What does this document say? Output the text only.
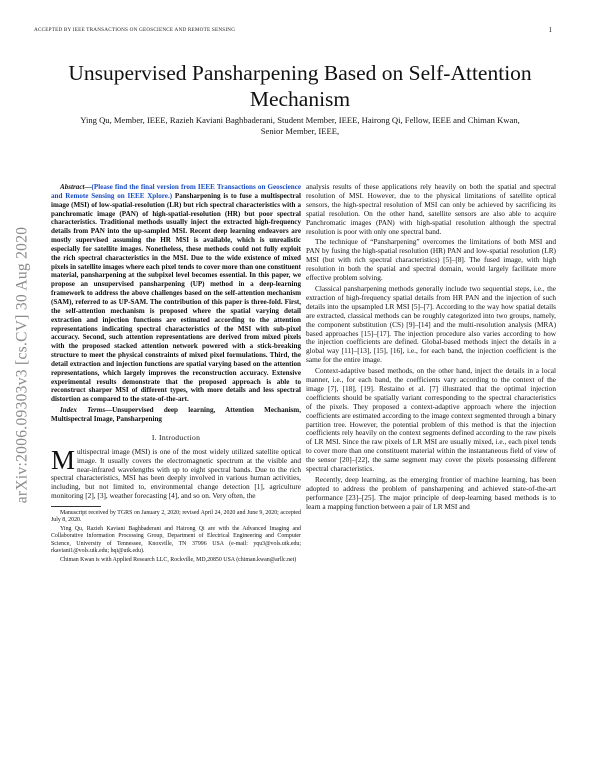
ACCEPTED BY IEEE TRANSACTIONS ON GEOSCIENCE AND REMOTE SENSING	1
arXiv:2006.09303v3 [cs.CV] 30 Aug 2020
Unsupervised Pansharpening Based on Self-Attention Mechanism
Ying Qu, Member, IEEE, Razieh Kaviani Baghbaderani, Student Member, IEEE, Hairong Qi, Fellow, IEEE and Chiman Kwan, Senior Member, IEEE,

Abstract—(Please find the final version from IEEE Transactions on Geoscience and Remote Sensing on IEEE Xplore.) Pansharpening is to fuse a multispectral image (MSI) of low-spatial-resolution (LR) but rich spectral characteristics with a panchromatic image (PAN) of high-spatial-resolution (HR) but poor spectral characteristics. Traditional methods usually inject the extracted high-frequency details from PAN into the up-sampled MSI. Recent deep learning endeavors are mostly supervised assuming the HR MSI is available, which is unrealistic especially for satellite images. Nonetheless, these methods could not fully exploit the rich spectral characteristics in the MSI. Due to the wide existence of mixed pixels in satellite images where each pixel tends to cover more than one constituent material, pansharpening at the subpixel level becomes essential. In this paper, we propose an unsupervised pansharpening (UP) method in a deep-learning framework to address the above challenges based on the self-attention mechanism (SAM), referred to as UP-SAM. The contribution of this paper is three-fold. First, the self-attention mechanism is proposed where the spatial varying detail extraction and injection functions are estimated according to the attention representations indicating spectral characteristics of the MSI with sub-pixel accuracy. Second, such attention representations are derived from mixed pixels with the proposed stacked attention network powered with a stick-breaking structure to meet the physical constraints of mixed pixel formulations. Third, the detail extraction and injection functions are spatial varying based on the attention representations, which largely improves the reconstruction accuracy. Extensive experimental results demonstrate that the proposed approach is able to reconstruct sharper MSI of different types, with more details and less spectral distortion as compared to the state-of-the-art.

Index Terms—Unsupervised deep learning, Attention Mechanism, Multispectral Image, Pansharpening

I. Introduction

Multispectral image (MSI) is one of the most widely utilized satellite optical image. It usually covers the electromagnetic spectrum at the visible and near-infrared wavelengths with up to eight spectral bands. Due to the rich spectral characteristics, MSI has been deeply involved in various human activities, including, but not limited to, environmental change detection [1], agriculture monitoring [2], [3], weather forecasting [4], and so on. Very often, the

Manuscript received by TGRS on January 2, 2020; revised April 24, 2020 and June 9, 2020; accepted July 8, 2020.

Ying Qu, Razieh Kaviani Baghbaderani and Hairong Qi are with the Advanced Imaging and Collaborative Information Processing Group, Department of Electrical Engineering and Computer Science, University of Tennessee, Knoxville, TN 37996 USA (e-mail: yqu3@vols.utk.edu; rkaviani1@vols.utk.edu; hqi@utk.edu).

Chiman Kwan is with Applied Research LLC, Rockville, MD,20850 USA (chiman.kwan@arllc.net)

analysis results of these applications rely heavily on both the spatial and spectral resolution of MSI. However, due to the physical limitations of satellite optical sensors, the high-spectral resolution of MSI can only be achieved by sacrificing its spatial resolution. On the other hand, satellite sensors are also able to acquire Panchromatic images (PAN) with high-spatial resolution although the spectral resolution is poor with only one spectral band.

The technique of “Pansharpening” overcomes the limitations of both MSI and PAN by fusing the high-spatial resolution (HR) PAN and low-spatial resolution (LR) MSI (but with rich spectral characteristics) [5]–[8]. The fused image, with high resolution in both the spatial and spectral domain, would largely facilitate more effective problem solving.

Classical pansharpening methods generally include two sequential steps, i.e., the extraction of high-frequency spatial details from HR PAN and the injection of such details into the upsampled LR MSI [5]–[7]. According to the way how spatial details are extracted, classical methods can be roughly categorized into two groups, namely, the component substitution (CS) [9]–[14] and the multi-resolution analysis (MRA) based approaches [15]–[17]. The injection procedure also varies according to how the injection coefficients are defined. Global-based methods inject the details in a global way [11]–[13], [15], [16], i.e., for each band, the injection coefficient is the same for the entire image.

Context-adaptive based methods, on the other hand, inject the details in a local manner, i.e., for each band, the coefficients vary according to the context of the image [7], [18], [19]. Restaino et al. [7] illustrated that the optimal injection coefficients should be spatially variant corresponding to the spectral characteristics of the pixels. They proposed a context-adaptive approach where the injection coefficients are estimated according to the image context segmented through a binary partition tree. However, the potential problem of this method is that the injection coefficients rely heavily on the context segments defined according to the raw pixels of LR MSI. Since the raw pixels of LR MSI are usually mixed, i.e., each pixel tends to cover more than one constituent material within the instantaneous field of view of the sensor [20]–[22], the same segment may cover the pixels possessing different spectral characteristics.

Recently, deep learning, as the emerging frontier of machine learning, has been adopted to address the problem of pansharpening and achieved state-of-the-art performance [23]–[25]. The major principle of deep-learning based methods is to learn a mapping function between a pair of LR MSI and
